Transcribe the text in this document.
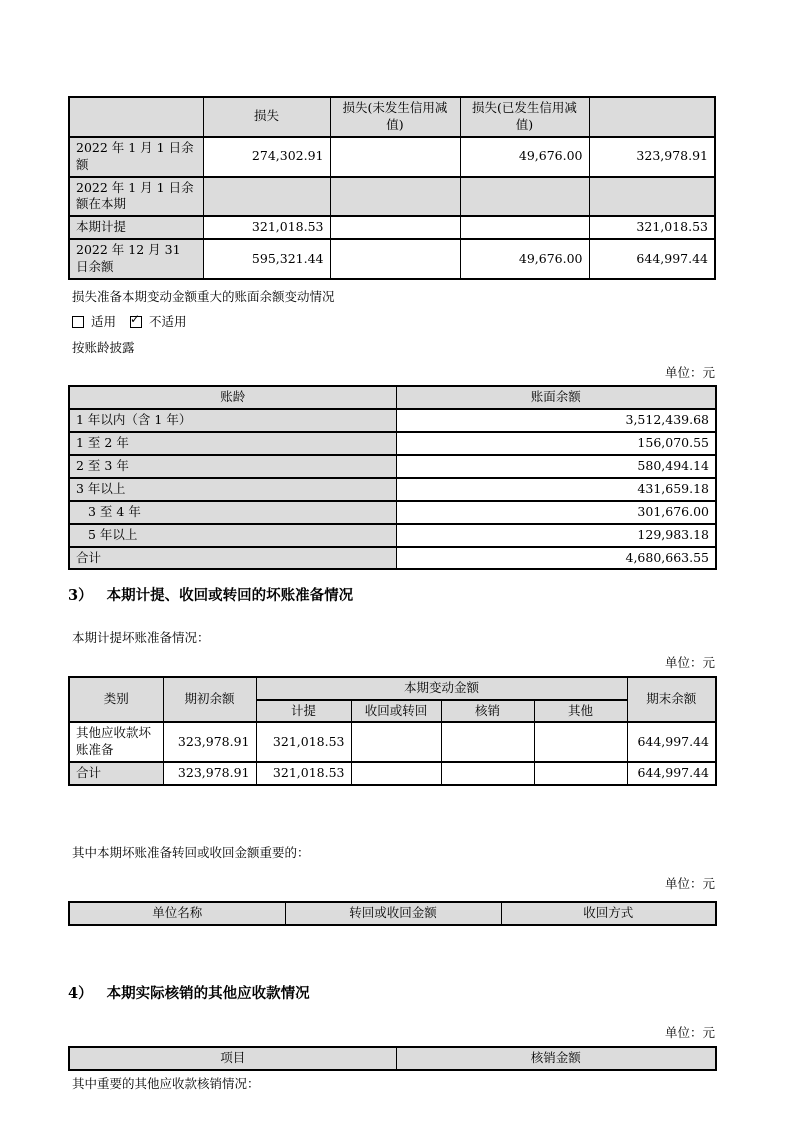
	损失	损失(未发生信用减值)	损失(已发生信用减值)	
2022 年 1 月 1 日余额	274,302.91		49,676.00	323,978.91
2022 年 1 月 1 日余额在本期				
本期计提	321,018.53			321,018.53
2022 年 12 月 31 日余额	595,321.44		49,676.00	644,997.44

损失准备本期变动金额重大的账面余额变动情况

适用 ✓ 不适用

按账龄披露

单位：元
账龄	账面余额
1 年以内（含 1 年）	3,512,439.68
1 至 2 年	156,070.55
2 至 3 年	580,494.14
3 年以上	431,659.18
3 至 4 年	301,676.00
5 年以上	129,983.18
合计	4,680,663.55
3） 本期计提、收回或转回的坏账准备情况

本期计提坏账准备情况：

单位：元
类别	期初余额	本期变动金额				期末余额
		计提	收回或转回	核销	其他	
其他应收款坏账准备	323,978.91	321,018.53				644,997.44
合计	323,978.91	321,018.53				644,997.44

其中本期坏账准备转回或收回金额重要的：

单位：元
单位名称	转回或收回金额	收回方式
4） 本期实际核销的其他应收款情况
单位：元
项目	核销金额

其中重要的其他应收款核销情况：
